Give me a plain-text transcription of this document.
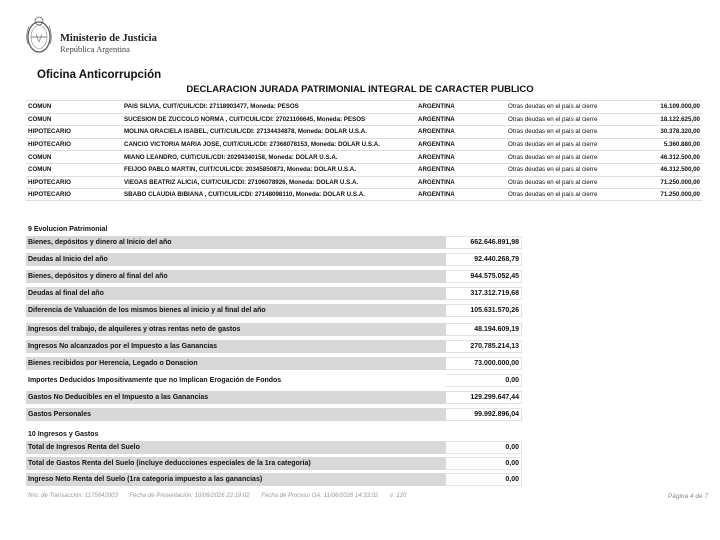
Ministerio de Justicia
República Argentina
Oficina Anticorrupción
DECLARACION JURADA PATRIMONIAL INTEGRAL DE CARACTER PUBLICO
COMUN	PAIS SILVIA, CUIT/CUIL/CDI: 27118903477, Moneda: PESOS	ARGENTINA	Otras deudas en el país al cierre	16.109.000,00
COMUN	SUCESION DE ZUCCOLO NORMA , CUIT/CUIL/CDI: 27021106645, Moneda: PESOS	ARGENTINA	Otras deudas en el país al cierre	18.122.625,00
HIPOTECARIO	MOLINA GRACIELA ISABEL, CUIT/CUIL/CDI: 27134434878, Moneda: DOLAR U.S.A.	ARGENTINA	Otras deudas en el país al cierre	30.378.320,00
HIPOTECARIO	CANCIO VICTORIA MARIA JOSE, CUIT/CUIL/CDI: 27368078153, Moneda: DOLAR U.S.A.	ARGENTINA	Otras deudas en el país al cierre	5.360.880,00
COMUN	MIANO LEANDRO, CUIT/CUIL/CDI: 20294340158, Moneda: DOLAR U.S.A.	ARGENTINA	Otras deudas en el país al cierre	46.312.500,00
COMUN	FEIJOO PABLO MARTIN, CUIT/CUIL/CDI: 20345850873, Moneda: DOLAR U.S.A.	ARGENTINA	Otras deudas en el país al cierre	46.312.500,00
HIPOTECARIO	VIEGAS BEATRIZ ALICIA, CUIT/CUIL/CDI: 27106078926, Moneda: DOLAR U.S.A.	ARGENTINA	Otras deudas en el país al cierre	71.250.000,00
HIPOTECARIO	SBABO CLAUDIA BIBIANA , CUIT/CUIL/CDI: 27148098110, Moneda: DOLAR U.S.A.	ARGENTINA	Otras deudas en el país al cierre	71.250.000,00
9 Evolucion Patrimonial
Bienes, depósitos y dinero al Inicio del año	662.646.891,98
Deudas al Inicio del año	92.440.268,79
Bienes, depósitos y dinero al final del año	944.575.052,45
Deudas al final del año	317.312.719,68
Diferencia de Valuación de los mismos bienes al inicio y al final del año	105.631.570,26
Ingresos del trabajo, de alquileres y otras rentas neto de gastos	48.194.609,19
Ingresos No alcanzados por el Impuesto a las Ganancias	270.785.214,13
Bienes recibidos por Herencia, Legado o Donacion	73.000.000,00
Importes Deducidos Impositivamente que no Implican Erogación de Fondos	0,00
Gastos No Deducibles en el Impuesto a las Ganancias	129.299.647,44
Gastos Personales	99.992.896,04
10 Ingresos y Gastos
Total de Ingresos Renta del Suelo	0,00
Total de Gastos Renta del Suelo (incluye deducciones especiales de la 1ra categoría)	0,00
Ingreso Neto Renta del Suelo (1ra categoria impuesto a las ganancias)	0,00
Nro. de Transacción: 1175642003 Fecha de Presentación: 10/06/2026 22:19:02 Fecha de Proceso OA: 11/06/2026 14:33:02 v: 120	Página 4 de 7
